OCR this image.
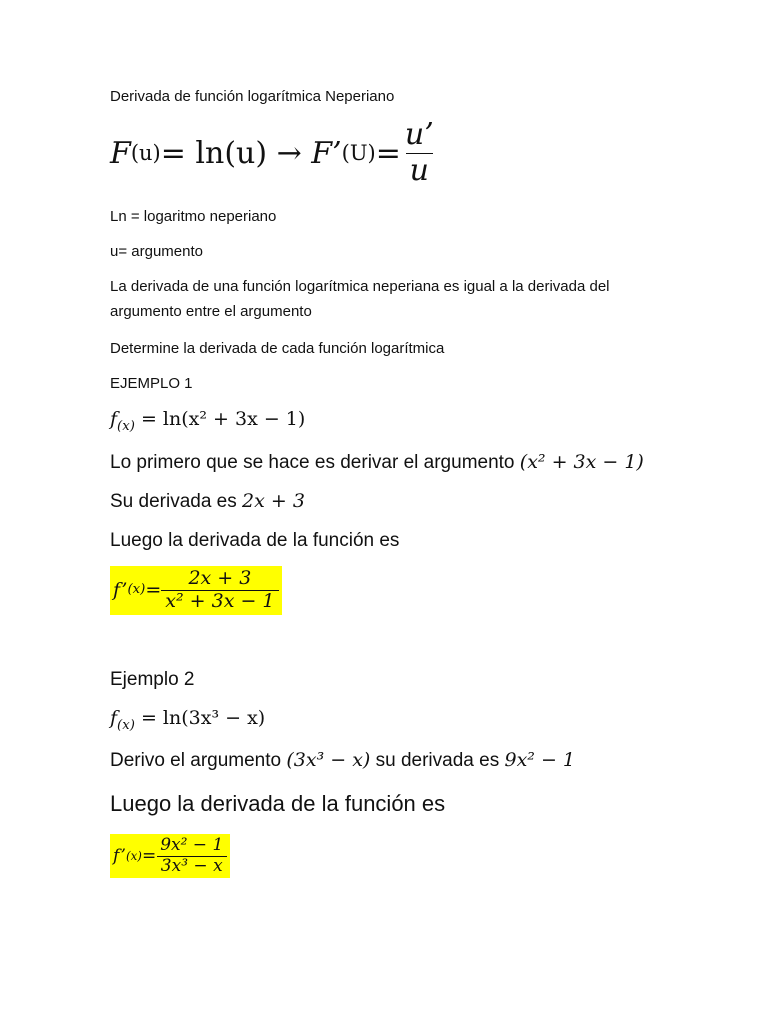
Derivada de función logarítmica Neperiano
F (u) = ln(u) →
F’ $(U) = \frac{u’}{u}$
Ln = logaritmo neperiano
u= argumento
La derivada de una función logarítmica neperiana es igual a la derivada del
argumento entre el argumento
Determine la derivada de cada función logarítmica
EJEMPLO 1
$f_{(x)} = \ln(x^2 + 3x - 1)$
Lo primero que se hace es derivar el argumento (x² + 3x − 1)
Su derivada es 2x + 3
Luego la derivada de la función es
f’ $(x) = \frac{2x + 3}{\text{x² + 3x − 1}}$
Ejemplo 2
$f_{(x)} = \ln(3x^3 - x)$
Derivo el argumento (3x³ − x) su derivada es 9x² − 1
Luego la derivada de la función es
f’ $(x) = \frac{\text{9x² − 1}}{\text{3x³ − x}}$
